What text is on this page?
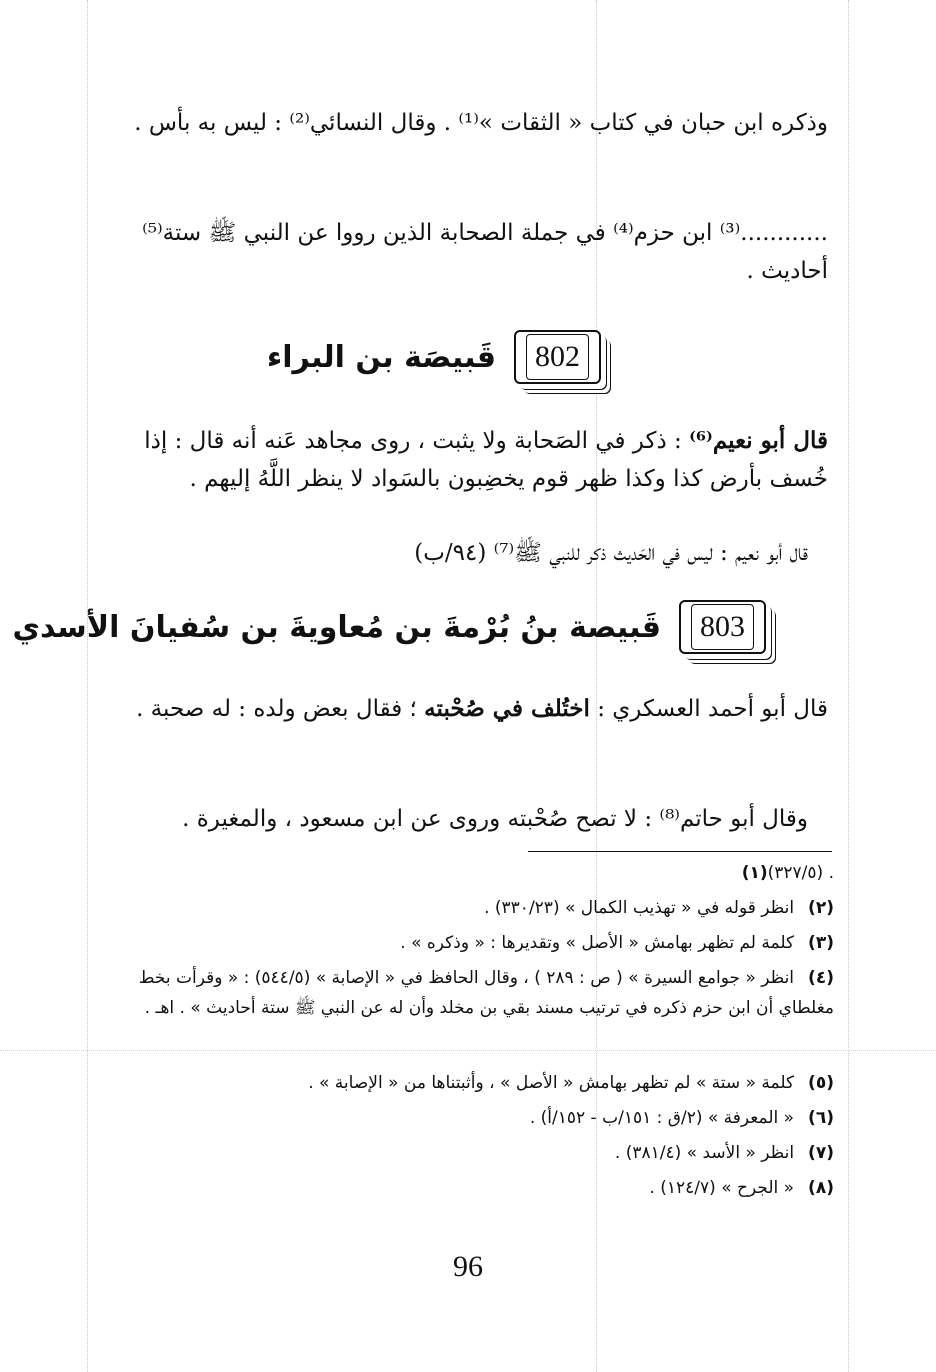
وذكره ابن حبان في كتاب « الثقات »⁽¹⁾ . وقال النسائي⁽²⁾ : ليس به بأس .
............⁽³⁾ ابن حزم⁽⁴⁾ في جملة الصحابة الذين رووا عن النبي ﷺ ستة⁽⁵⁾ أحاديث .
802
قَبيصَة بن البراء
قال أبو نعيم⁽⁶⁾ : ذكر في الصَحابة ولا يثبت ، روى مجاهد عَنه أنه قال : إذا خُسف بأرض كذا وكذا ظهر قوم يخضِبون بالسَواد لا ينظر اللَّهُ إليهم .
قال أبو نعيم : ليس في الحَديث ذكر للنبي ﷺ⁽⁷⁾ (٩٤/ب)
803
قَبيصة بنُ بُرْمةَ بن مُعاويةَ بن سُفيانَ الأسدي
قال أبو أحمد العسكري : اختُلف في صُحْبته ؛ فقال بعض ولده : له صحبة .
وقال أبو حاتم⁽⁸⁾ : لا تصح صُحْبته وروى عن ابن مسعود ، والمغيرة .
(١)(٣٢٧/٥) .
(٢)انظر قوله في « تهذيب الكمال » (٣٣٠/٢٣) .
(٣)كلمة لم تظهر بهامش « الأصل » وتقديرها : « وذكره » .
(٤)انظر « جوامع السيرة » ( ص : ٢٨٩ ) ، وقال الحافظ في « الإصابة » (٥٤٤/٥) : « وقرأت بخط مغلطاي أن ابن حزم ذكره في ترتيب مسند بقي بن مخلد وأن له عن النبي ﷺ ستة أحاديث » . اهـ .
(٥)كلمة « ستة » لم تظهر بهامش « الأصل » ، وأثبتناها من « الإصابة » .
(٦)« المعرفة » (٢/ق : ١٥١/ب - ١٥٢/أ) .
(٧)انظر « الأسد » (٣٨١/٤) .
(٨)« الجرح » (١٢٤/٧) .
96
